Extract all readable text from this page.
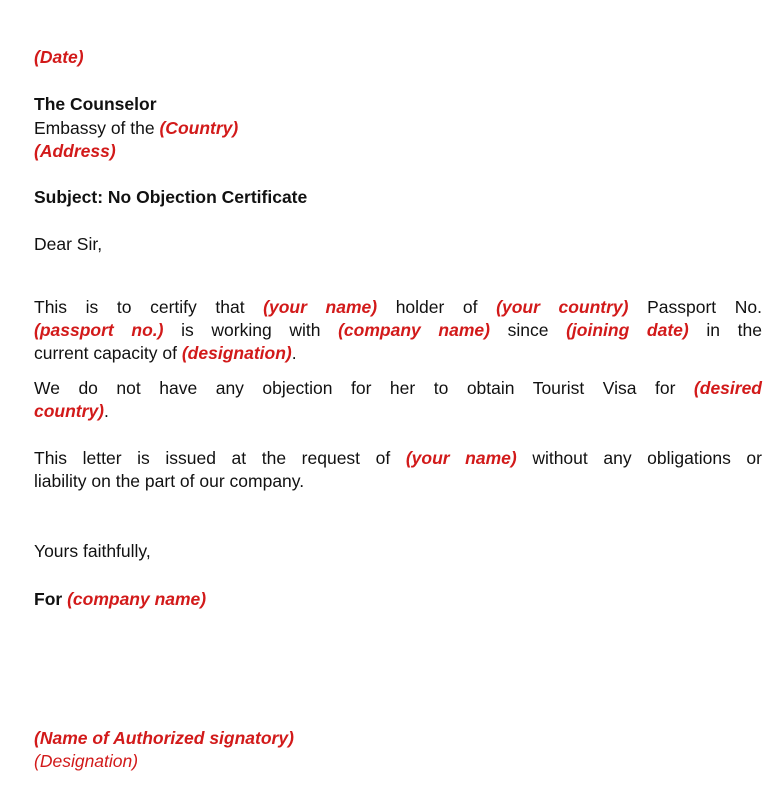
(Date)
The Counselor
Embassy of the (Country)
(Address)
Subject: No Objection Certificate
Dear Sir,
This is to certify that (your name) holder of (your country) Passport No.
(passport no.) is working with (company name) since (joining date) in the
current capacity of (designation).
We do not have any objection for her to obtain Tourist Visa for (desired
country).
This letter is issued at the request of (your name) without any obligations or
liability on the part of our company.
Yours faithfully,
For (company name)
(Name of Authorized signatory)
(Designation)
